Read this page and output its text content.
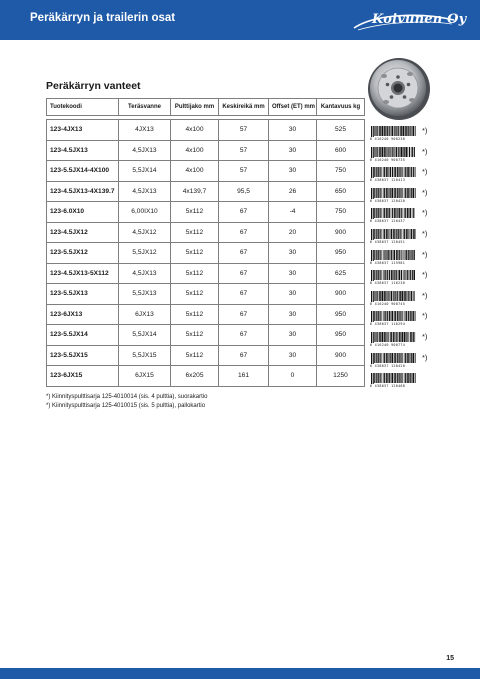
Peräkärryn ja trailerin osat	Koivunen Oy
Peräkärryn vanteet
Tuotekoodi	Teräsvanne	Pulttijako mm	Keskireikä mm	Offset (ET) mm	Kantavuus kg

123-4JX13	4JX13	4x100	57	30	525
123-4.5JX13	4,5JX13	4x100	57	30	600
123-5.5JX14-4X100	5,5JX14	4x100	57	30	750
123-4.5JX13-4X139.7	4,5JX13	4x139,7	95,5	26	650
123-6.0X10	6,00IX10	5x112	67	-4	750
123-4.5JX12	4,5JX12	5x112	67	20	900
123-5.5JX12	5,5JX12	5x112	67	30	950
123-4.5JX13-5X112	4,5JX13	5x112	67	30	625
123-5.5JX13	5,5JX13	5x112	67	30	900
123-6JX13	6JX13	5x112	67	30	950
123-5.5JX14	5,5JX14	5x112	67	30	950
123-5.5JX15	5,5JX15	5x112	67	30	900
123-6JX15	6JX15	6x205	161	0	1250
6 416240 900238
*)
6 416240 900735
*)
6 438637 120413
*)
6 438637 120420
*)
6 438637 120437
*)
6 438637 120451
*)
6 438637 115981
*)
6 438637 116230
*)
6 416240 900745
*)
6 438637 116294
*)
6 416240 900774
*)
6 438637 120420
*)
6 438637 120468
*) Kiinnityspulttisarja 125-4010014 (sis. 4 pulttia), suorakartio
*) Kiinnityspulttisarja 125-4010015 (sis. 5 pulttia), pallokartio
15
